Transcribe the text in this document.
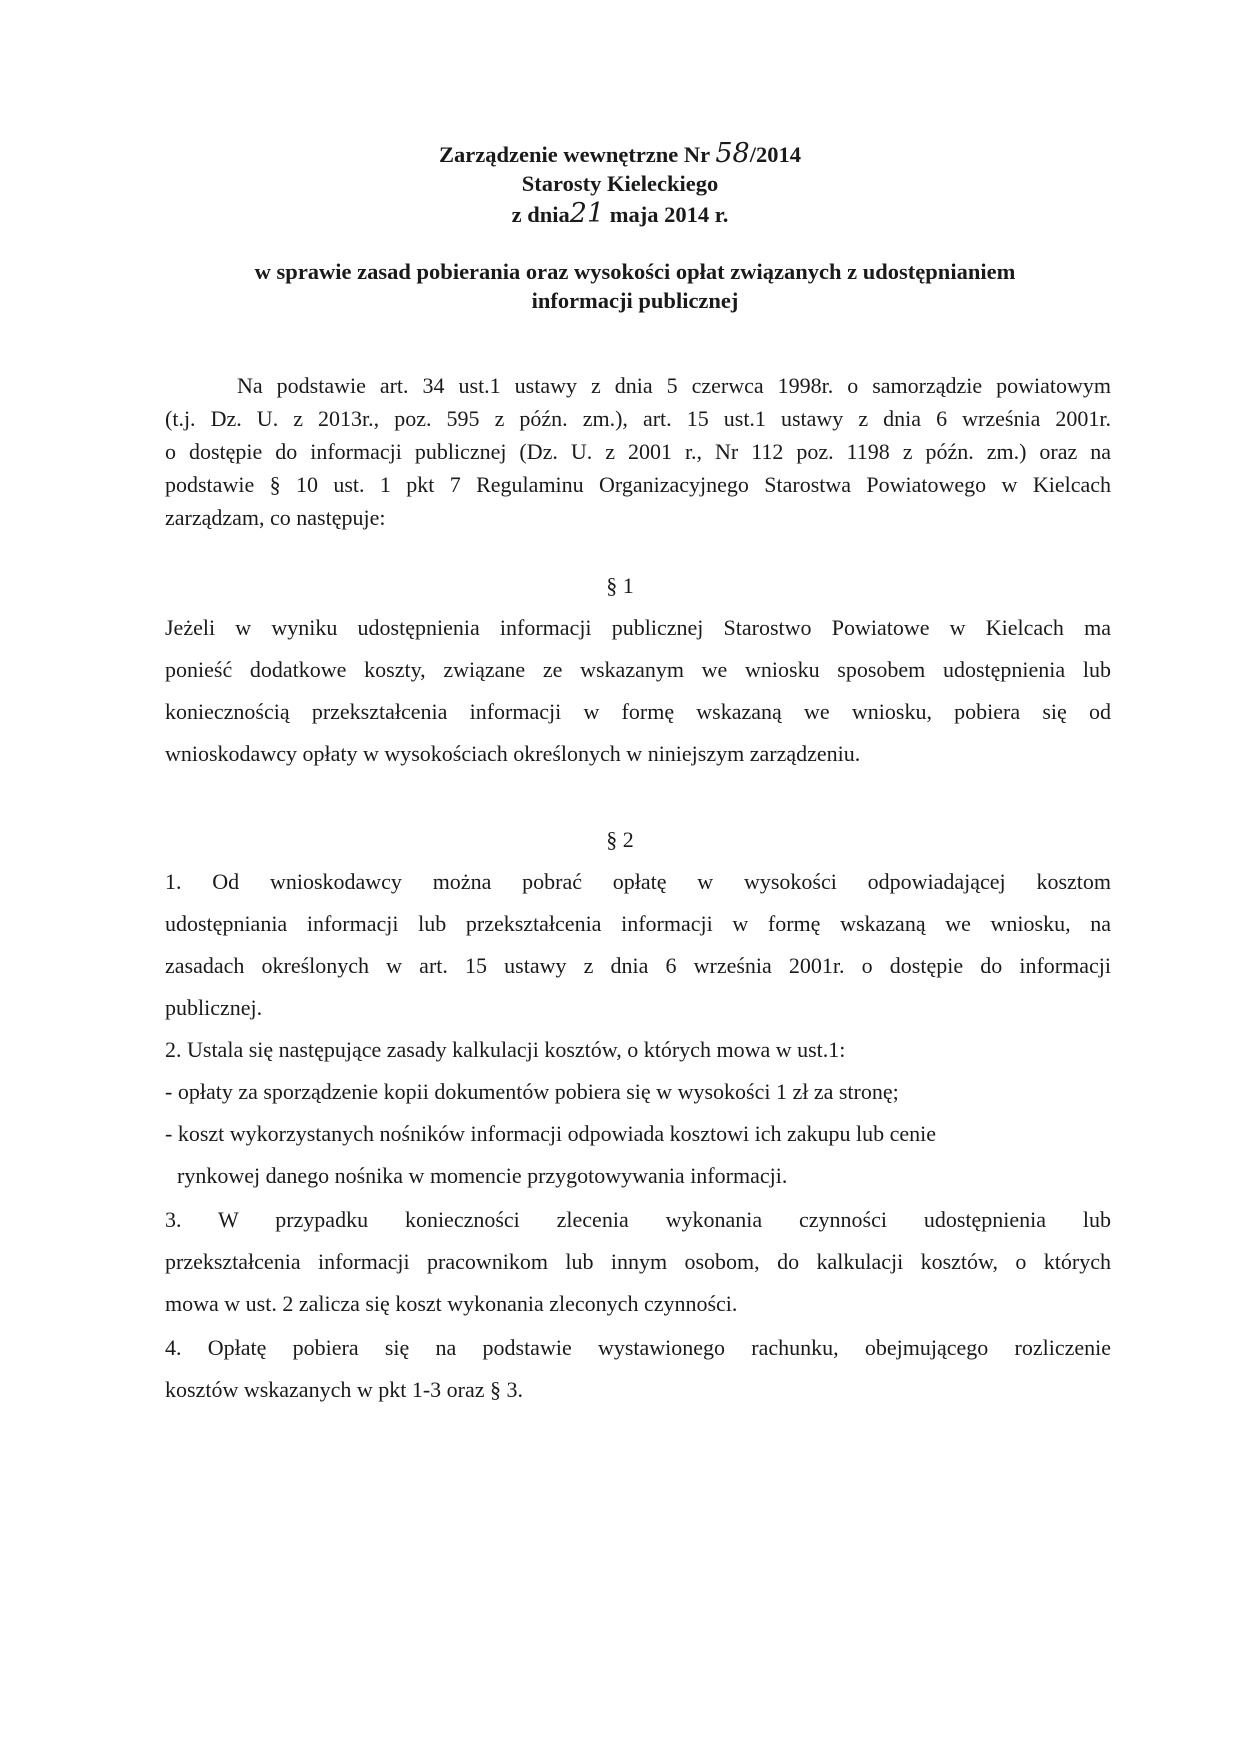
Zarządzenie wewnętrzne Nr 58/2014
Starosty Kieleckiego
z dnia21 maja 2014 r.
w sprawie zasad pobierania oraz wysokości opłat związanych z udostępnianiem
informacji publicznej
Na podstawie art. 34 ust.1 ustawy z dnia 5 czerwca 1998r. o samorządzie powiatowym
(t.j. Dz. U. z 2013r., poz. 595 z późn. zm.), art. 15 ust.1 ustawy z dnia 6 września 2001r.
o dostępie do informacji publicznej (Dz. U. z 2001 r., Nr 112 poz. 1198 z późn. zm.) oraz na
podstawie § 10 ust. 1 pkt 7 Regulaminu Organizacyjnego Starostwa Powiatowego w Kielcach
zarządzam, co następuje:
§ 1
Jeżeli w wyniku udostępnienia informacji publicznej Starostwo Powiatowe w Kielcach ma
ponieść dodatkowe koszty, związane ze wskazanym we wniosku sposobem udostępnienia lub
koniecznością przekształcenia informacji w formę wskazaną we wniosku, pobiera się od
wnioskodawcy opłaty w wysokościach określonych w niniejszym zarządzeniu.
§ 2
1. Od wnioskodawcy można pobrać opłatę w wysokości odpowiadającej kosztom
udostępniania informacji lub przekształcenia informacji w formę wskazaną we wniosku, na
zasadach określonych w art. 15 ustawy z dnia 6 września 2001r. o dostępie do informacji
publicznej.
2. Ustala się następujące zasady kalkulacji kosztów, o których mowa w ust.1:
- opłaty za sporządzenie kopii dokumentów pobiera się w wysokości 1 zł za stronę;
- koszt wykorzystanych nośników informacji odpowiada kosztowi ich zakupu lub cenie
rynkowej danego nośnika w momencie przygotowywania informacji.
3. W przypadku konieczności zlecenia wykonania czynności udostępnienia lub
przekształcenia informacji pracownikom lub innym osobom, do kalkulacji kosztów, o których
mowa w ust. 2 zalicza się koszt wykonania zleconych czynności.
4. Opłatę pobiera się na podstawie wystawionego rachunku, obejmującego rozliczenie
kosztów wskazanych w pkt 1-3 oraz § 3.
